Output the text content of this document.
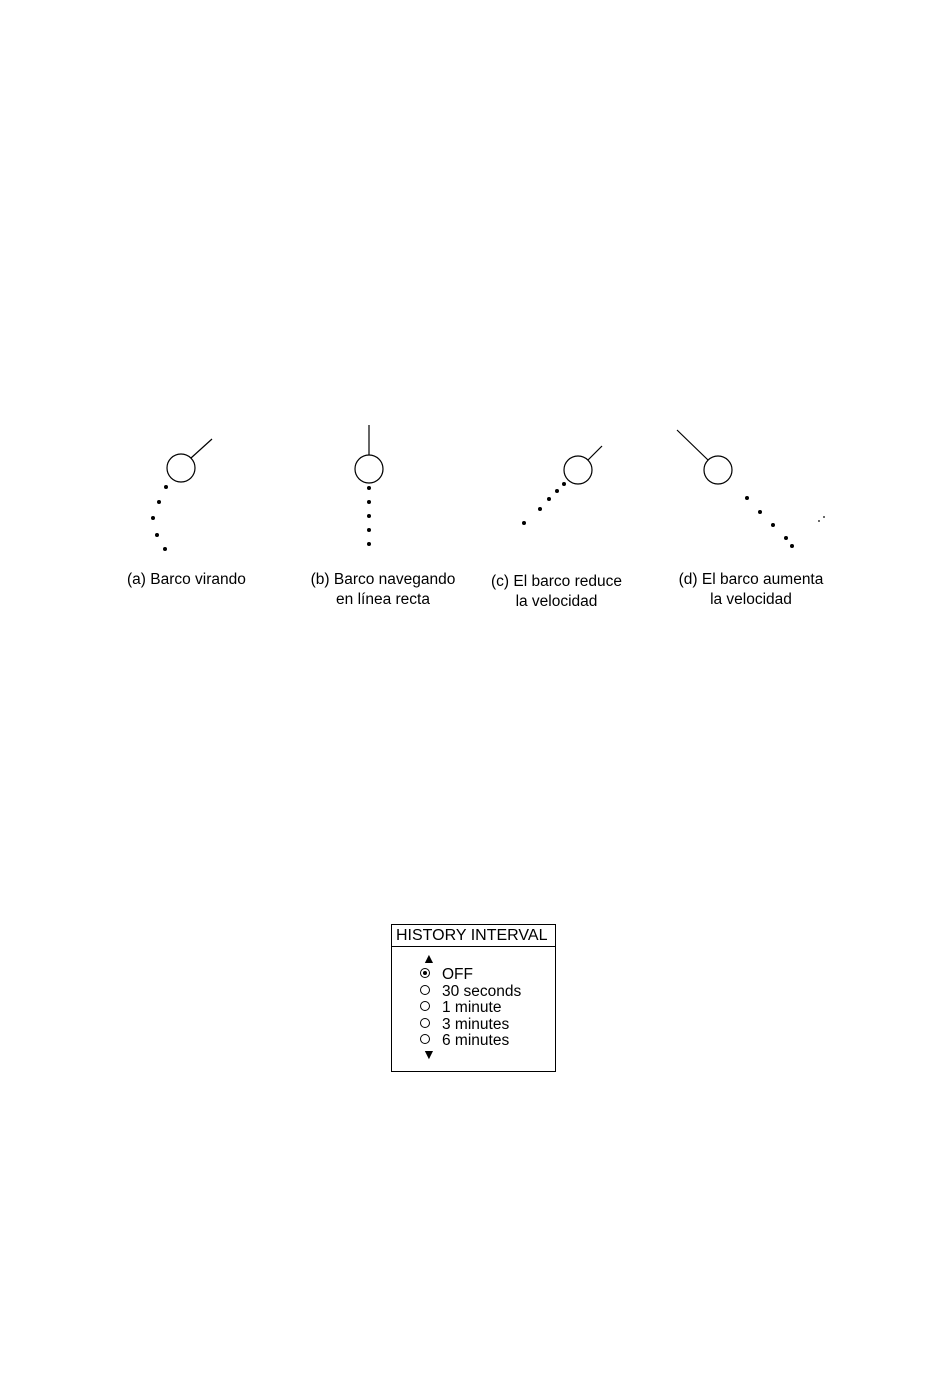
(a) Barco virando	(b) Barco navegando
en línea recta
(c) El barco reduce
la velocidad
(d) El barco aumenta
la velocidad
HISTORY INTERVAL
▲
OFF
30 seconds
1 minute
3 minutes
6 minutes
▼
